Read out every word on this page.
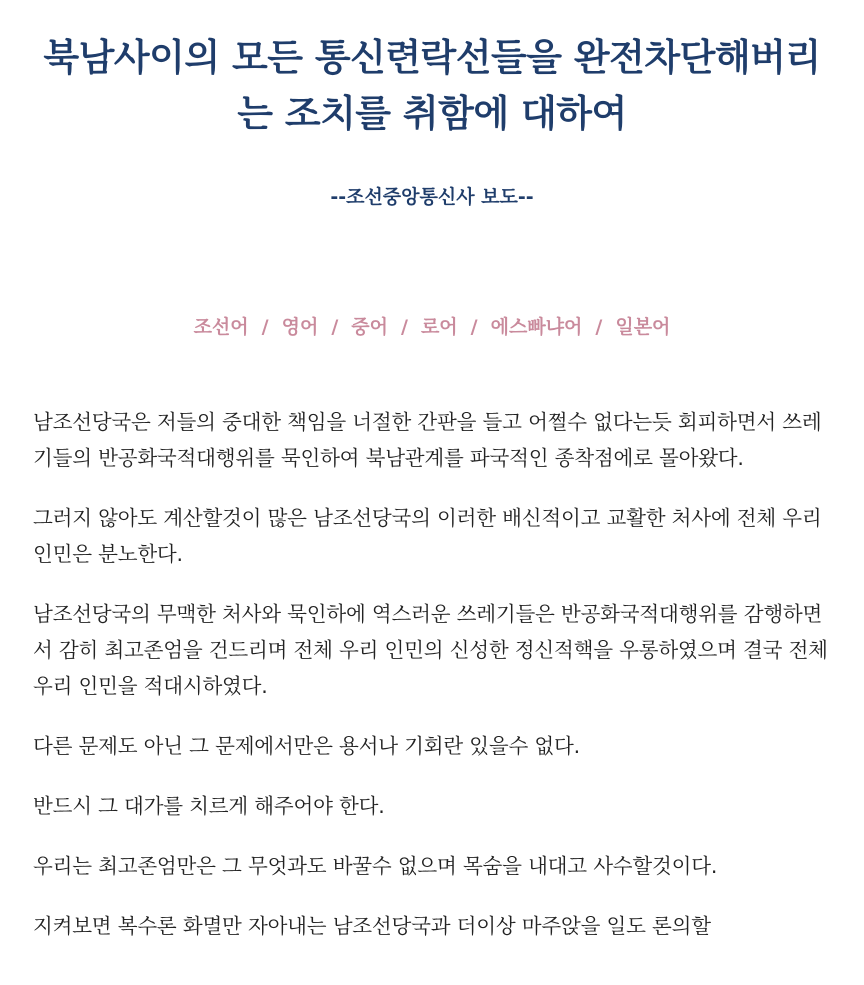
북남사이의 모든 통신련락선들을 완전차단해버리
는 조치를 취함에 대하여
--조선중앙통신사 보도--
조선어 / 영어 / 중어 / 로어 / 에스빠냐어 / 일본어

남조선당국은 저들의 중대한 책임을 너절한 간판을 들고 어쩔수 없다는듯 회피하면서 쓰레기들의 반공화국적대행위를 묵인하여 북남관계를 파국적인 종착점에로 몰아왔다.

그러지 않아도 계산할것이 많은 남조선당국의 이러한 배신적이고 교활한 처사에 전체 우리 인민은 분노한다.

남조선당국의 무맥한 처사와 묵인하에 역스러운 쓰레기들은 반공화국적대행위를 감행하면서 감히 최고존엄을 건드리며 전체 우리 인민의 신성한 정신적핵을 우롱하였으며 결국 전체 우리 인민을 적대시하였다.

다른 문제도 아닌 그 문제에서만은 용서나 기회란 있을수 없다.

반드시 그 대가를 치르게 해주어야 한다.

우리는 최고존엄만은 그 무엇과도 바꿀수 없으며 목숨을 내대고 사수할것이다.

지켜보면 복수론 화멸만 자아내는 남조선당국과 더이상 마주앉을 일도 론의할
